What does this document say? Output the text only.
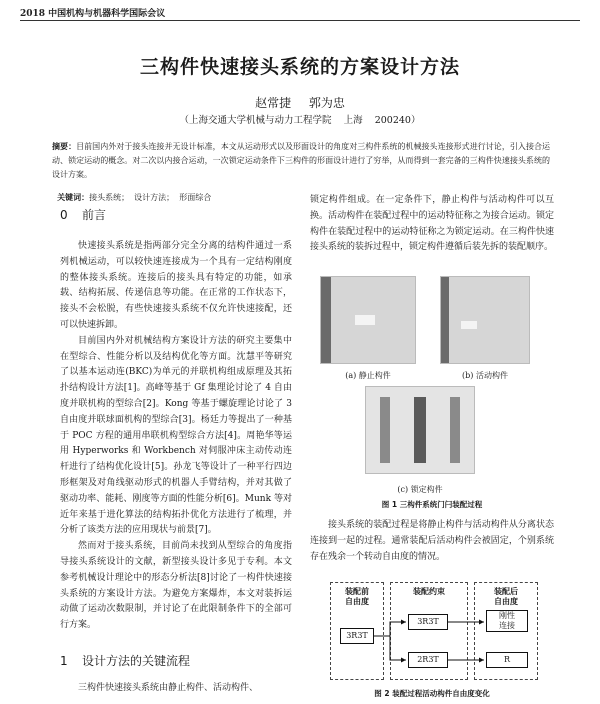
2018 中国机构与机器科学国际会议
三构件快速接头系统的方案设计方法
赵常捷 郭为忠
（上海交通大学机械与动力工程学院    上海    200240）
摘要：目前国内外对于接头连接并无设计标准，本文从运动形式以及形面设计的角度对三构件系统的机械接头连接形式进行讨论，引入接合运动、锁定运动的概念。对二次以内接合运动，一次锁定运动条件下三构件的形面设计进行了穷举，从而得到一套完备的三构件快速接头系统的设计方案。

关键词：接头系统；  设计方法；  形面综合

0 前言

快速接头系统是指两部分完全分离的结构件通过一系列机械运动，可以较快速连接成为一个具有一定结构刚度的整体接头系统。连接后的接头具有特定的功能，如承载、结构拓展、传递信息等功能。在正常的工作状态下，接头不会松脱，有些快速接头系统不仅允许快速接配，还可以快速拆卸。

目前国内外对机械结构方案设计方法的研究主要集中在型综合、性能分析以及结构优化等方面。沈慧平等研究了以基本运动连(BKC)为单元的并联机构组成原理及其拓扑结构设计方法[1]。高峰等基于 Gf 集理论讨论了 4 自由度并联机构的型综合[2]。Kong 等基于螺旋理论讨论了 3 自由度并联球面机构的型综合[3]。杨廷力等提出了一种基于 POC 方程的通用串联机构型综合方法[4]。周艳华等运用 Hyperworks 和 Workbench 对伺服冲床主动传动连杆进行了结构优化设计[5]。孙龙飞等设计了一种平行四边形框架及对角线驱动形式的机器人手臂结构，并对其做了驱动功率、能耗、刚度等方面的性能分析[6]。Munk 等对近年来基于进化算法的结构拓扑优化方法进行了梳理，并分析了该类方法的应用现状与前景[7]。

然而对于接头系统，目前尚未找到从型综合的角度指导接头系统设计的文献，新型接头设计多见于专利。本文参考机械设计理论中的形态分析法[8]讨论了一构件快速接头系统的方案设计方法。为避免方案爆炸，本文对装拆运动做了运动次数限制，并讨论了在此限制条件下的全部可行方案。

1 设计方法的关键流程

三构件快速接头系统由静止构件、活动构件、

锁定构件组成。在一定条件下，静止构件与活动构件可以互换。活动构件在装配过程中的运动特征称之为接合运动。锁定构件在装配过程中的运动特征称之为锁定运动。在三构件快速接头系统的装拆过程中，锁定构件遵循后装先拆的装配顺序。

(a) 静止构件	(b) 活动构件
(c) 锁定构件
图 1 三构件系统门闩装配过程

接头系统的装配过程是将静止构件与活动构件从分离状态连接到一起的过程。通常装配后活动构件会被固定，个别系统存在残余一个转动自由度的情况。

装配前
自由度
装配约束	装配后
自由度
3R3T
3R3T
2R3T
刚性
连接
R
图 2 装配过程活动构件自由度变化
